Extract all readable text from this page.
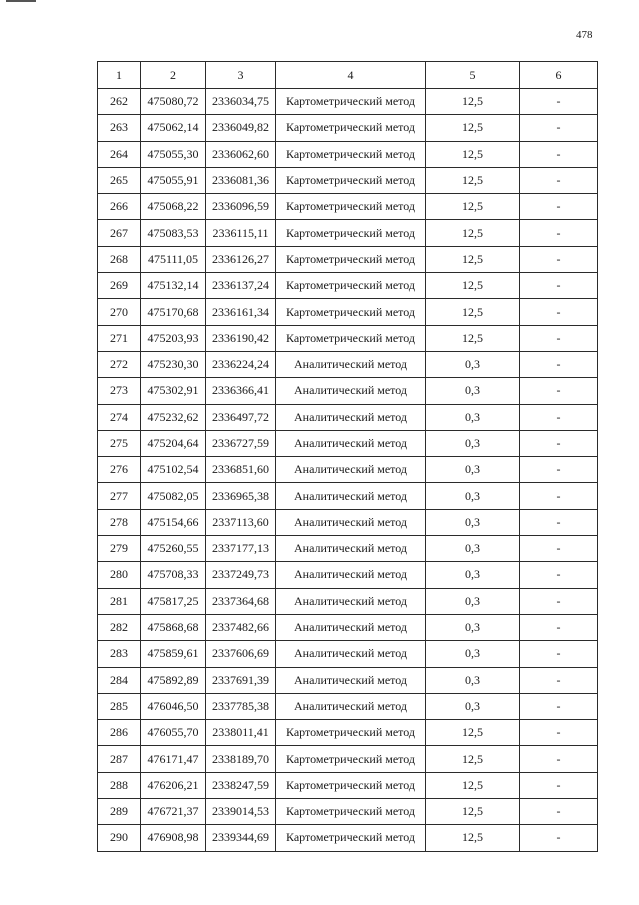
478
1	2	3	4	5	6
262	475080,72	2336034,75	Картометрический метод	12,5	-
263	475062,14	2336049,82	Картометрический метод	12,5	-
264	475055,30	2336062,60	Картометрический метод	12,5	-
265	475055,91	2336081,36	Картометрический метод	12,5	-
266	475068,22	2336096,59	Картометрический метод	12,5	-
267	475083,53	2336115,11	Картометрический метод	12,5	-
268	475111,05	2336126,27	Картометрический метод	12,5	-
269	475132,14	2336137,24	Картометрический метод	12,5	-
270	475170,68	2336161,34	Картометрический метод	12,5	-
271	475203,93	2336190,42	Картометрический метод	12,5	-
272	475230,30	2336224,24	Аналитический метод	0,3	-
273	475302,91	2336366,41	Аналитический метод	0,3	-
274	475232,62	2336497,72	Аналитический метод	0,3	-
275	475204,64	2336727,59	Аналитический метод	0,3	-
276	475102,54	2336851,60	Аналитический метод	0,3	-
277	475082,05	2336965,38	Аналитический метод	0,3	-
278	475154,66	2337113,60	Аналитический метод	0,3	-
279	475260,55	2337177,13	Аналитический метод	0,3	-
280	475708,33	2337249,73	Аналитический метод	0,3	-
281	475817,25	2337364,68	Аналитический метод	0,3	-
282	475868,68	2337482,66	Аналитический метод	0,3	-
283	475859,61	2337606,69	Аналитический метод	0,3	-
284	475892,89	2337691,39	Аналитический метод	0,3	-
285	476046,50	2337785,38	Аналитический метод	0,3	-
286	476055,70	2338011,41	Картометрический метод	12,5	-
287	476171,47	2338189,70	Картометрический метод	12,5	-
288	476206,21	2338247,59	Картометрический метод	12,5	-
289	476721,37	2339014,53	Картометрический метод	12,5	-
290	476908,98	2339344,69	Картометрический метод	12,5	-
